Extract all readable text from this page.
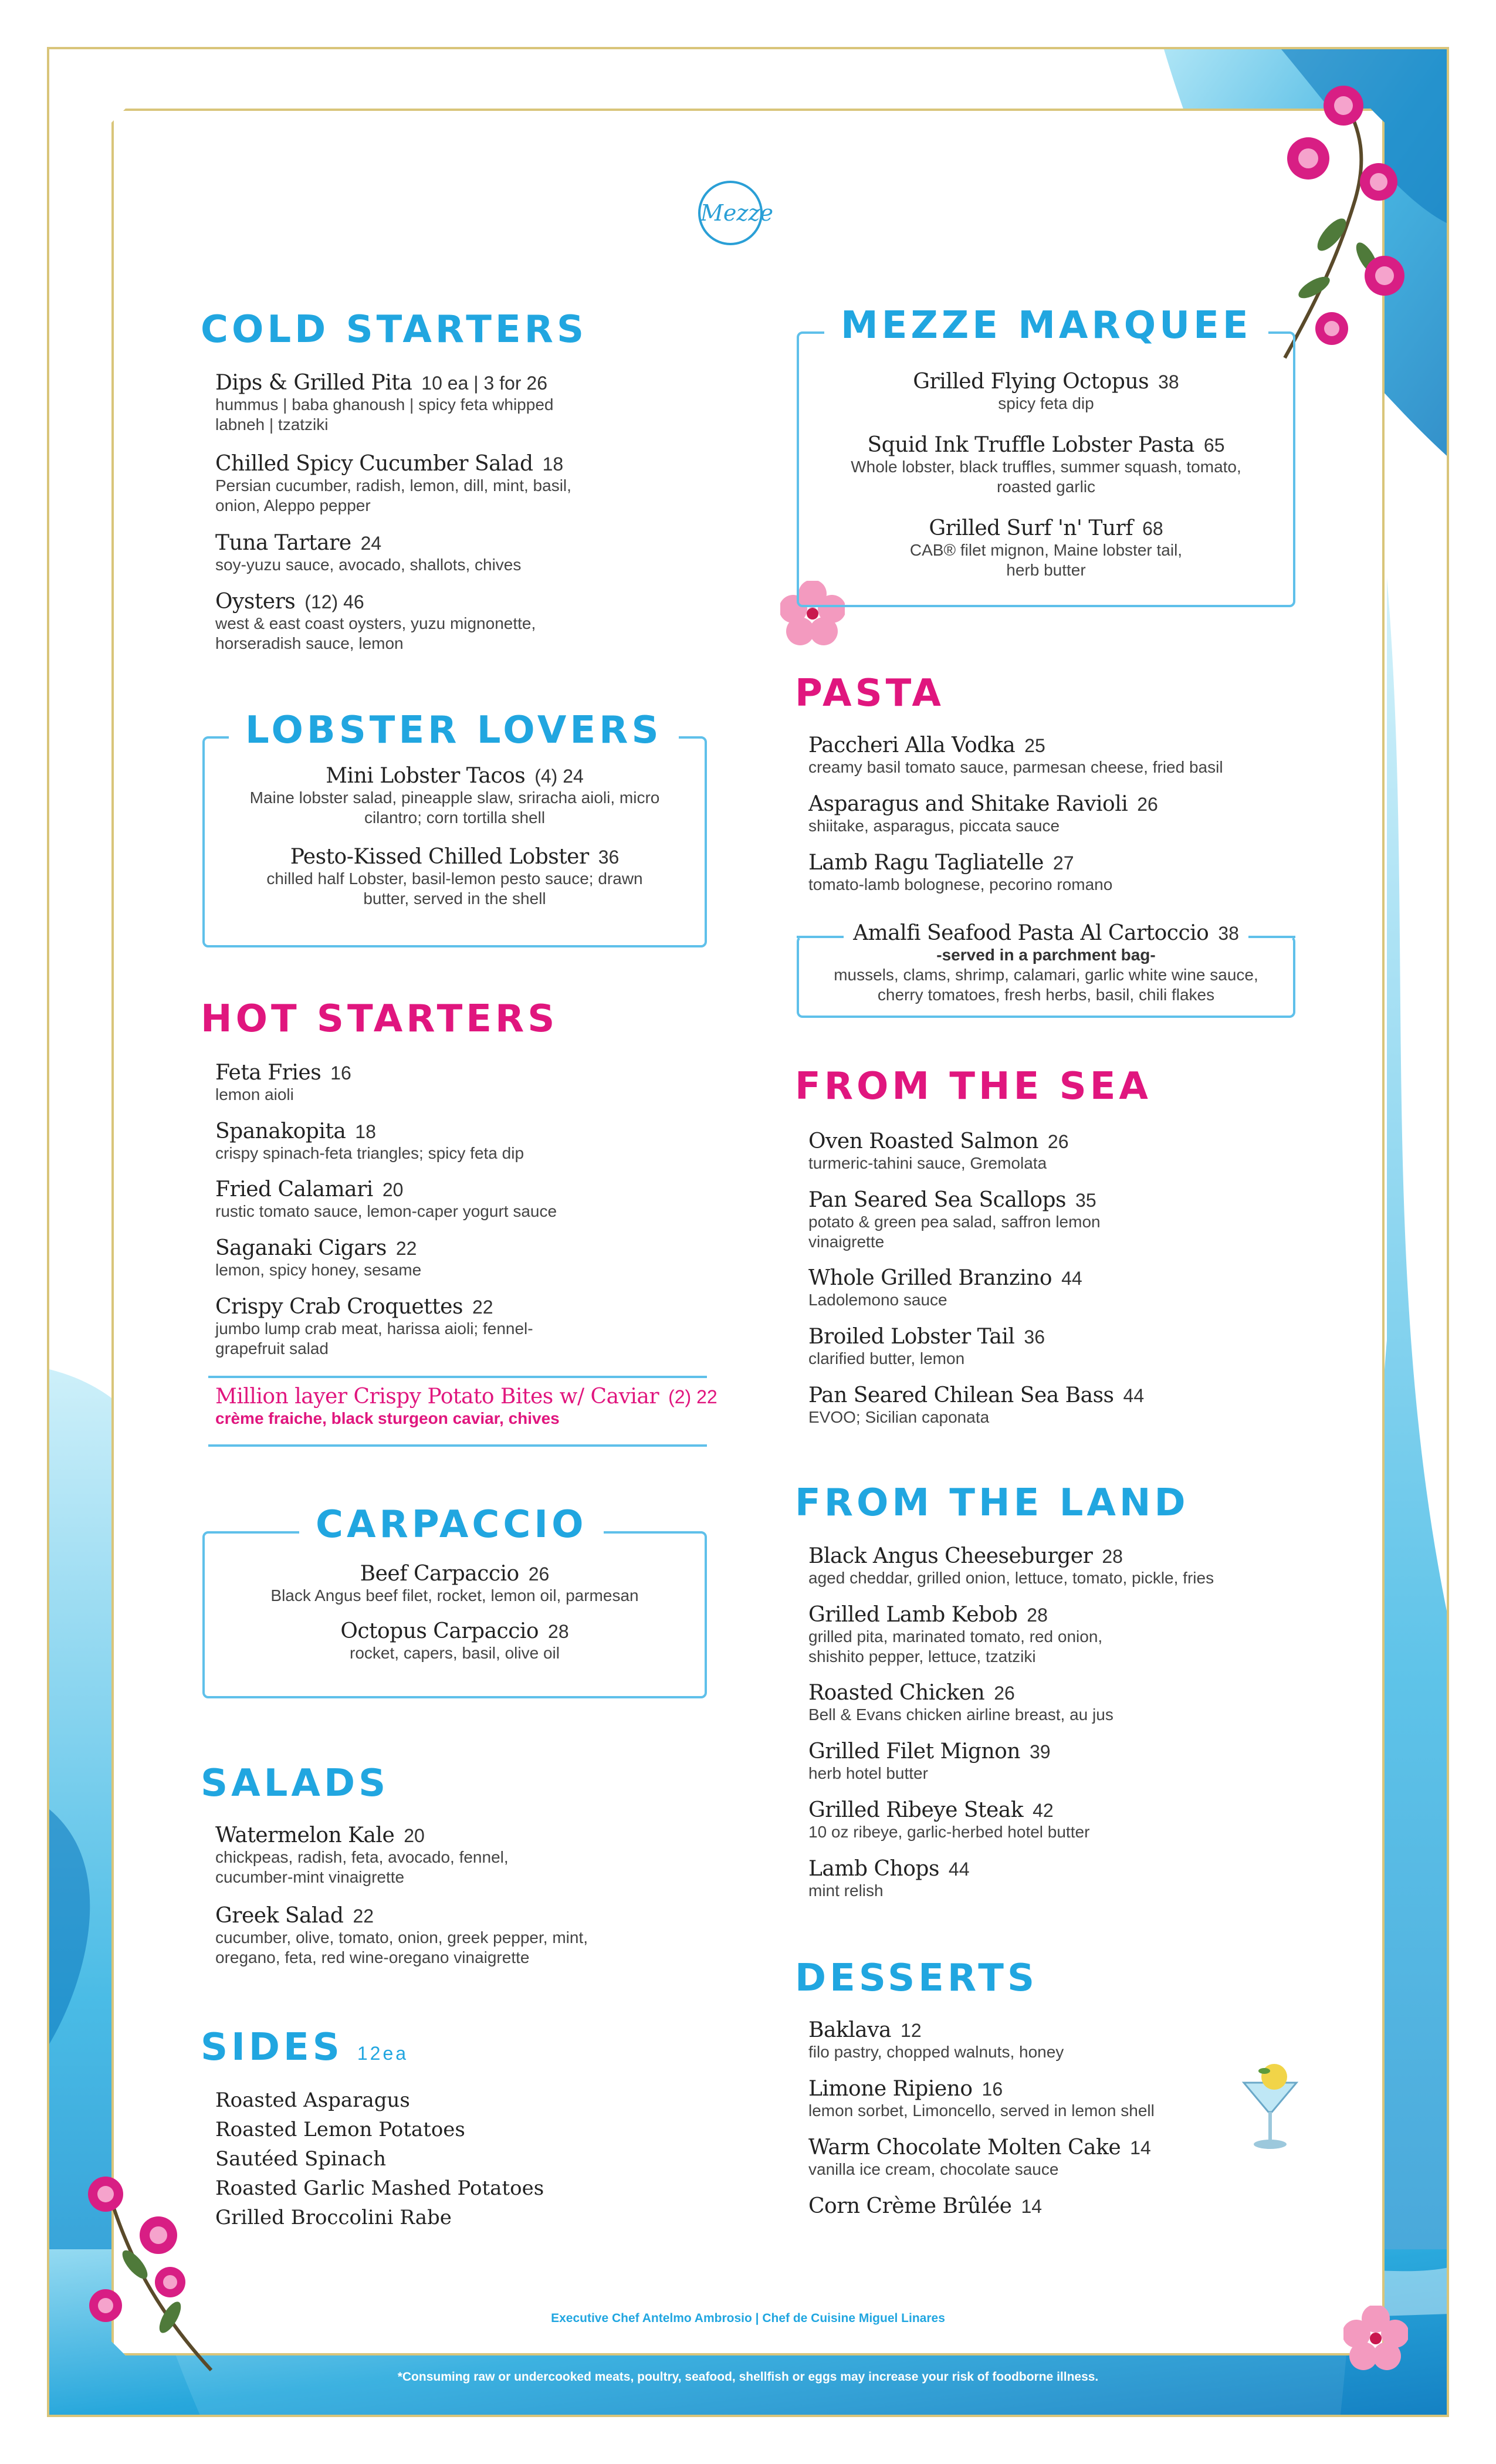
Mezze
COLD STARTERS
Dips & Grilled Pita 10 ea | 3 for 26
hummus | baba ghanoush | spicy feta whipped labneh | tzatziki
Chilled Spicy Cucumber Salad 18
Persian cucumber, radish, lemon, dill, mint, basil, onion, Aleppo pepper
Tuna Tartare 24
soy-yuzu sauce, avocado, shallots, chives
Oysters (12) 46
west & east coast oysters, yuzu mignonette, horseradish sauce, lemon
LOBSTER LOVERS
Mini Lobster Tacos (4) 24
Maine lobster salad, pineapple slaw, sriracha aioli, micro cilantro; corn tortilla shell
Pesto-Kissed Chilled Lobster 36
chilled half Lobster, basil-lemon pesto sauce; drawn butter, served in the shell
HOT STARTERS
Feta Fries 16
lemon aioli
Spanakopita 18
crispy spinach-feta triangles; spicy feta dip
Fried Calamari 20
rustic tomato sauce, lemon-caper yogurt sauce
Saganaki Cigars 22
lemon, spicy honey, sesame
Crispy Crab Croquettes 22
jumbo lump crab meat, harissa aioli; fennel-grapefruit salad
Million layer Crispy Potato Bites w/ Caviar (2) 22
crème fraiche, black sturgeon caviar, chives
CARPACCIO
Beef Carpaccio 26
Black Angus beef filet, rocket, lemon oil, parmesan
Octopus Carpaccio 28
rocket, capers, basil, olive oil
SALADS
Watermelon Kale 20
chickpeas, radish, feta, avocado, fennel, cucumber-mint vinaigrette
Greek Salad 22
cucumber, olive, tomato, onion, greek pepper, mint, oregano, feta, red wine-oregano vinaigrette
SIDES 12ea
Roasted Asparagus
Roasted Lemon Potatoes
Sautéed Spinach
Roasted Garlic Mashed Potatoes
Grilled Broccolini Rabe
MEZZE MARQUEE
Grilled Flying Octopus 38
spicy feta dip
Squid Ink Truffle Lobster Pasta 65
Whole lobster, black truffles, summer squash, tomato, roasted garlic
Grilled Surf 'n' Turf 68
CAB® filet mignon, Maine lobster tail, herb butter
PASTA
Paccheri Alla Vodka 25
creamy basil tomato sauce, parmesan cheese, fried basil
Asparagus and Shitake Ravioli 26
shiitake, asparagus, piccata sauce
Lamb Ragu Tagliatelle 27
tomato-lamb bolognese, pecorino romano
Amalfi Seafood Pasta Al Cartoccio 38
-served in a parchment bag-
mussels, clams, shrimp, calamari, garlic white wine sauce, cherry tomatoes, fresh herbs, basil, chili flakes
FROM THE SEA
Oven Roasted Salmon 26
turmeric-tahini sauce, Gremolata
Pan Seared Sea Scallops 35
potato & green pea salad, saffron lemon vinaigrette
Whole Grilled Branzino 44
Ladolemono sauce
Broiled Lobster Tail 36
clarified butter, lemon
Pan Seared Chilean Sea Bass 44
EVOO; Sicilian caponata
FROM THE LAND
Black Angus Cheeseburger 28
aged cheddar, grilled onion, lettuce, tomato, pickle, fries
Grilled Lamb Kebob 28
grilled pita, marinated tomato, red onion, shishito pepper, lettuce, tzatziki
Roasted Chicken 26
Bell & Evans chicken airline breast, au jus
Grilled Filet Mignon 39
herb hotel butter
Grilled Ribeye Steak 42
10 oz ribeye, garlic-herbed hotel butter
Lamb Chops 44
mint relish
DESSERTS
Baklava 12
filo pastry, chopped walnuts, honey
Limone Ripieno 16
lemon sorbet, Limoncello, served in lemon shell
Warm Chocolate Molten Cake 14
vanilla ice cream, chocolate sauce
Corn Crème Brûlée 14
Executive Chef Antelmo Ambrosio | Chef de Cuisine Miguel Linares
*Consuming raw or undercooked meats, poultry, seafood, shellfish or eggs may increase your risk of foodborne illness.
